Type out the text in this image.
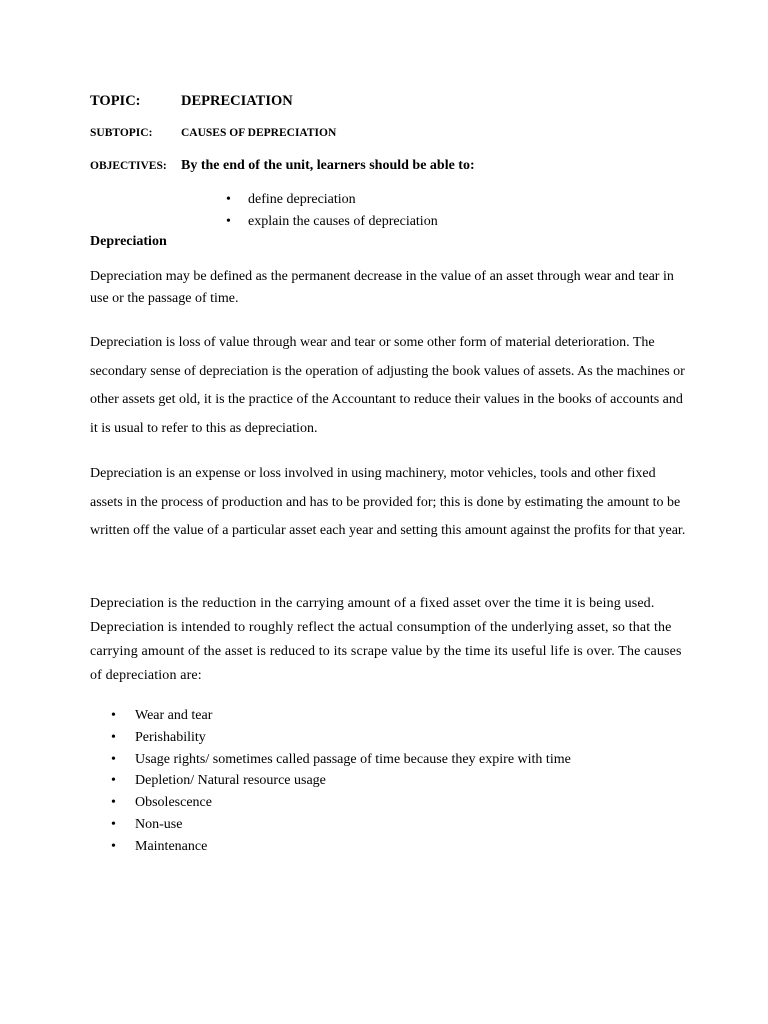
TOPIC:	DEPRECIATION
SUBTOPIC: CAUSES OF DEPRECIATION
OBJECTIVES: By the end of the unit, learners should be able to:
• define depreciation
• explain the causes of depreciation
Depreciation

Depreciation may be defined as the permanent decrease in the value of an asset through wear and tear in use or the passage of time.

Depreciation is loss of value through wear and tear or some other form of material deterioration. The secondary sense of depreciation is the operation of adjusting the book values of assets. As the machines or other assets get old, it is the practice of the Accountant to reduce their values in the books of accounts and it is usual to refer to this as depreciation.

Depreciation is an expense or loss involved in using machinery, motor vehicles, tools and other fixed assets in the process of production and has to be provided for; this is done by estimating the amount to be written off the value of a particular asset each year and setting this amount against the profits for that year.

Depreciation is the reduction in the carrying amount of a fixed asset over the time it is being used. Depreciation is intended to roughly reflect the actual consumption of the underlying asset, so that the carrying amount of the asset is reduced to its scrape value by the time its useful life is over. The causes of depreciation are:

• Wear and tear
• Perishability
• Usage rights/ sometimes called passage of time because they expire with time
• Depletion/ Natural resource usage
• Obsolescence
• Non-use
• Maintenance
